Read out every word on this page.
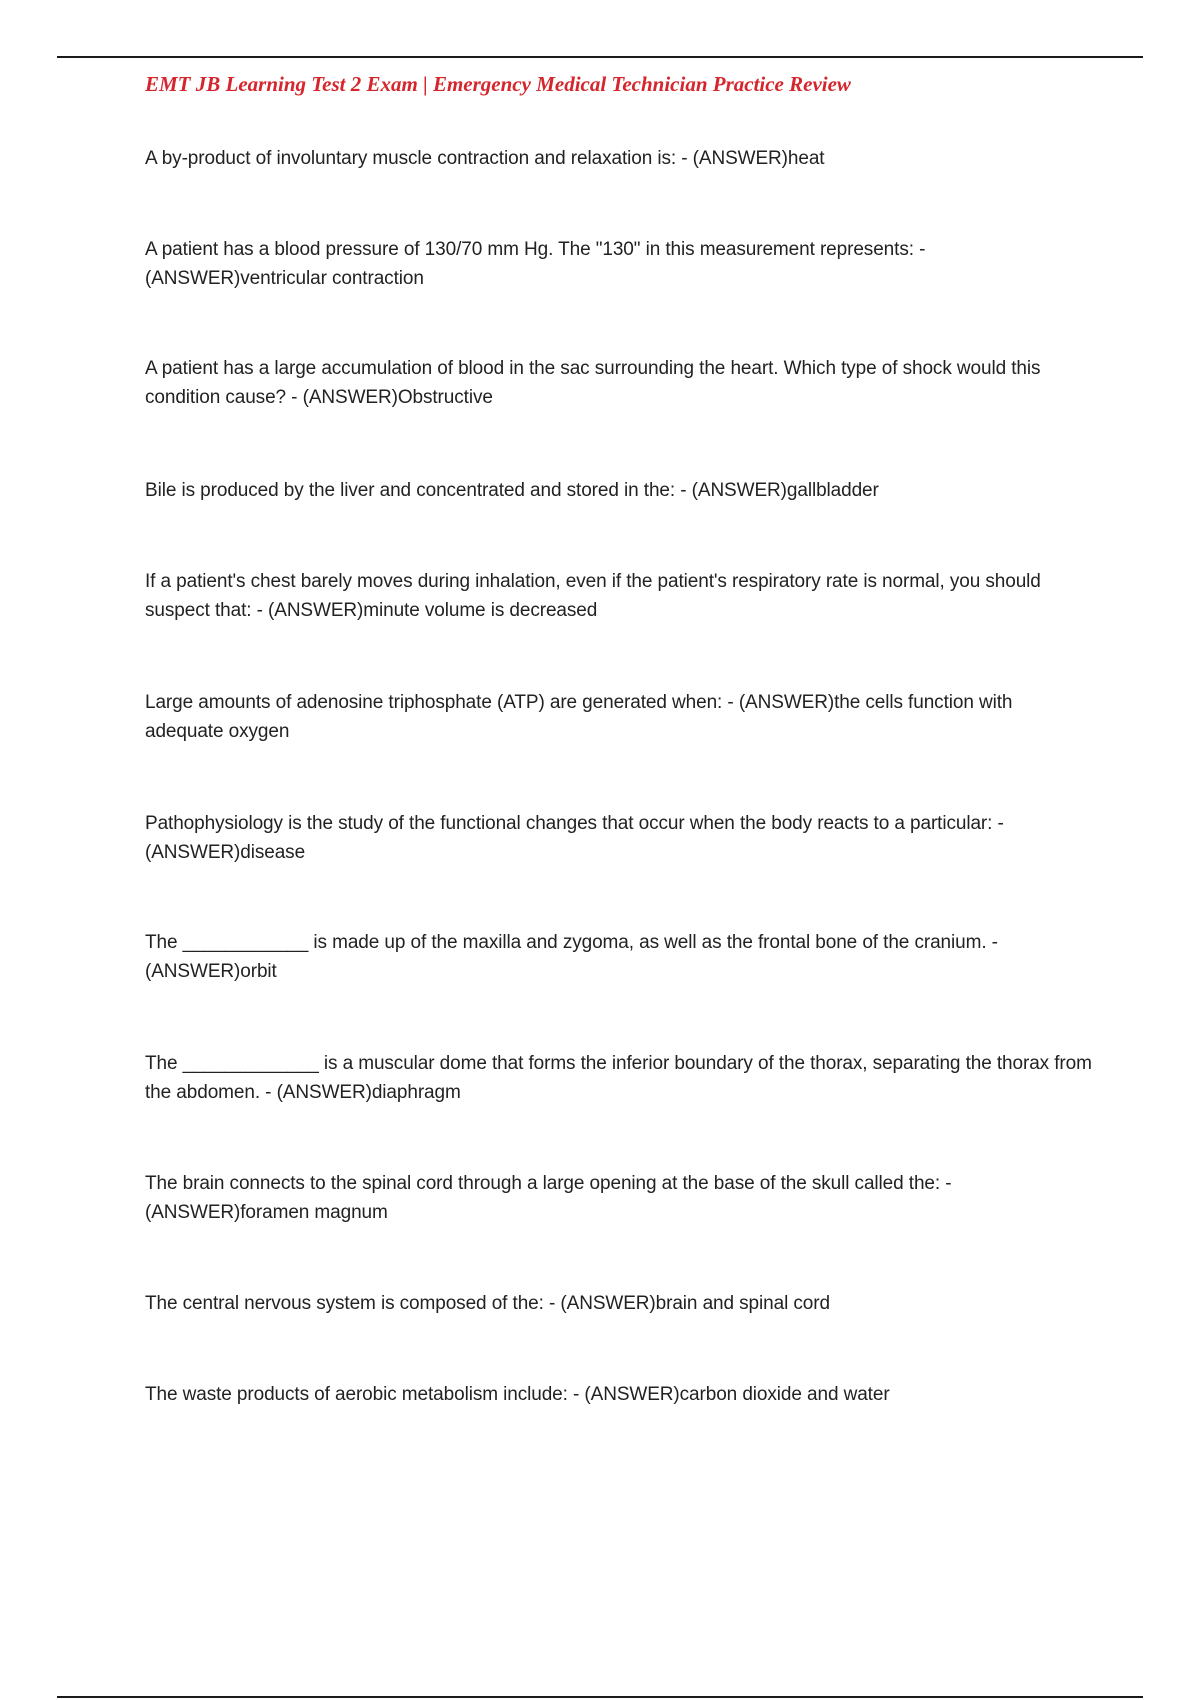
EMT JB Learning Test 2 Exam | Emergency Medical Technician Practice Review
A by-product of involuntary muscle contraction and relaxation is: - (ANSWER)heat
A patient has a blood pressure of 130/70 mm Hg. The "130" in this measurement represents: - (ANSWER)ventricular contraction
A patient has a large accumulation of blood in the sac surrounding the heart. Which type of shock would this condition cause? - (ANSWER)Obstructive
Bile is produced by the liver and concentrated and stored in the: - (ANSWER)gallbladder
If a patient's chest barely moves during inhalation, even if the patient's respiratory rate is normal, you should suspect that: - (ANSWER)minute volume is decreased
Large amounts of adenosine triphosphate (ATP) are generated when: - (ANSWER)the cells function with adequate oxygen
Pathophysiology is the study of the functional changes that occur when the body reacts to a particular: - (ANSWER)disease
The ____________ is made up of the maxilla and zygoma, as well as the frontal bone of the cranium. - (ANSWER)orbit
The _____________ is a muscular dome that forms the inferior boundary of the thorax, separating the thorax from the abdomen. - (ANSWER)diaphragm
The brain connects to the spinal cord through a large opening at the base of the skull called the: - (ANSWER)foramen magnum
The central nervous system is composed of the: - (ANSWER)brain and spinal cord
The waste products of aerobic metabolism include: - (ANSWER)carbon dioxide and water
